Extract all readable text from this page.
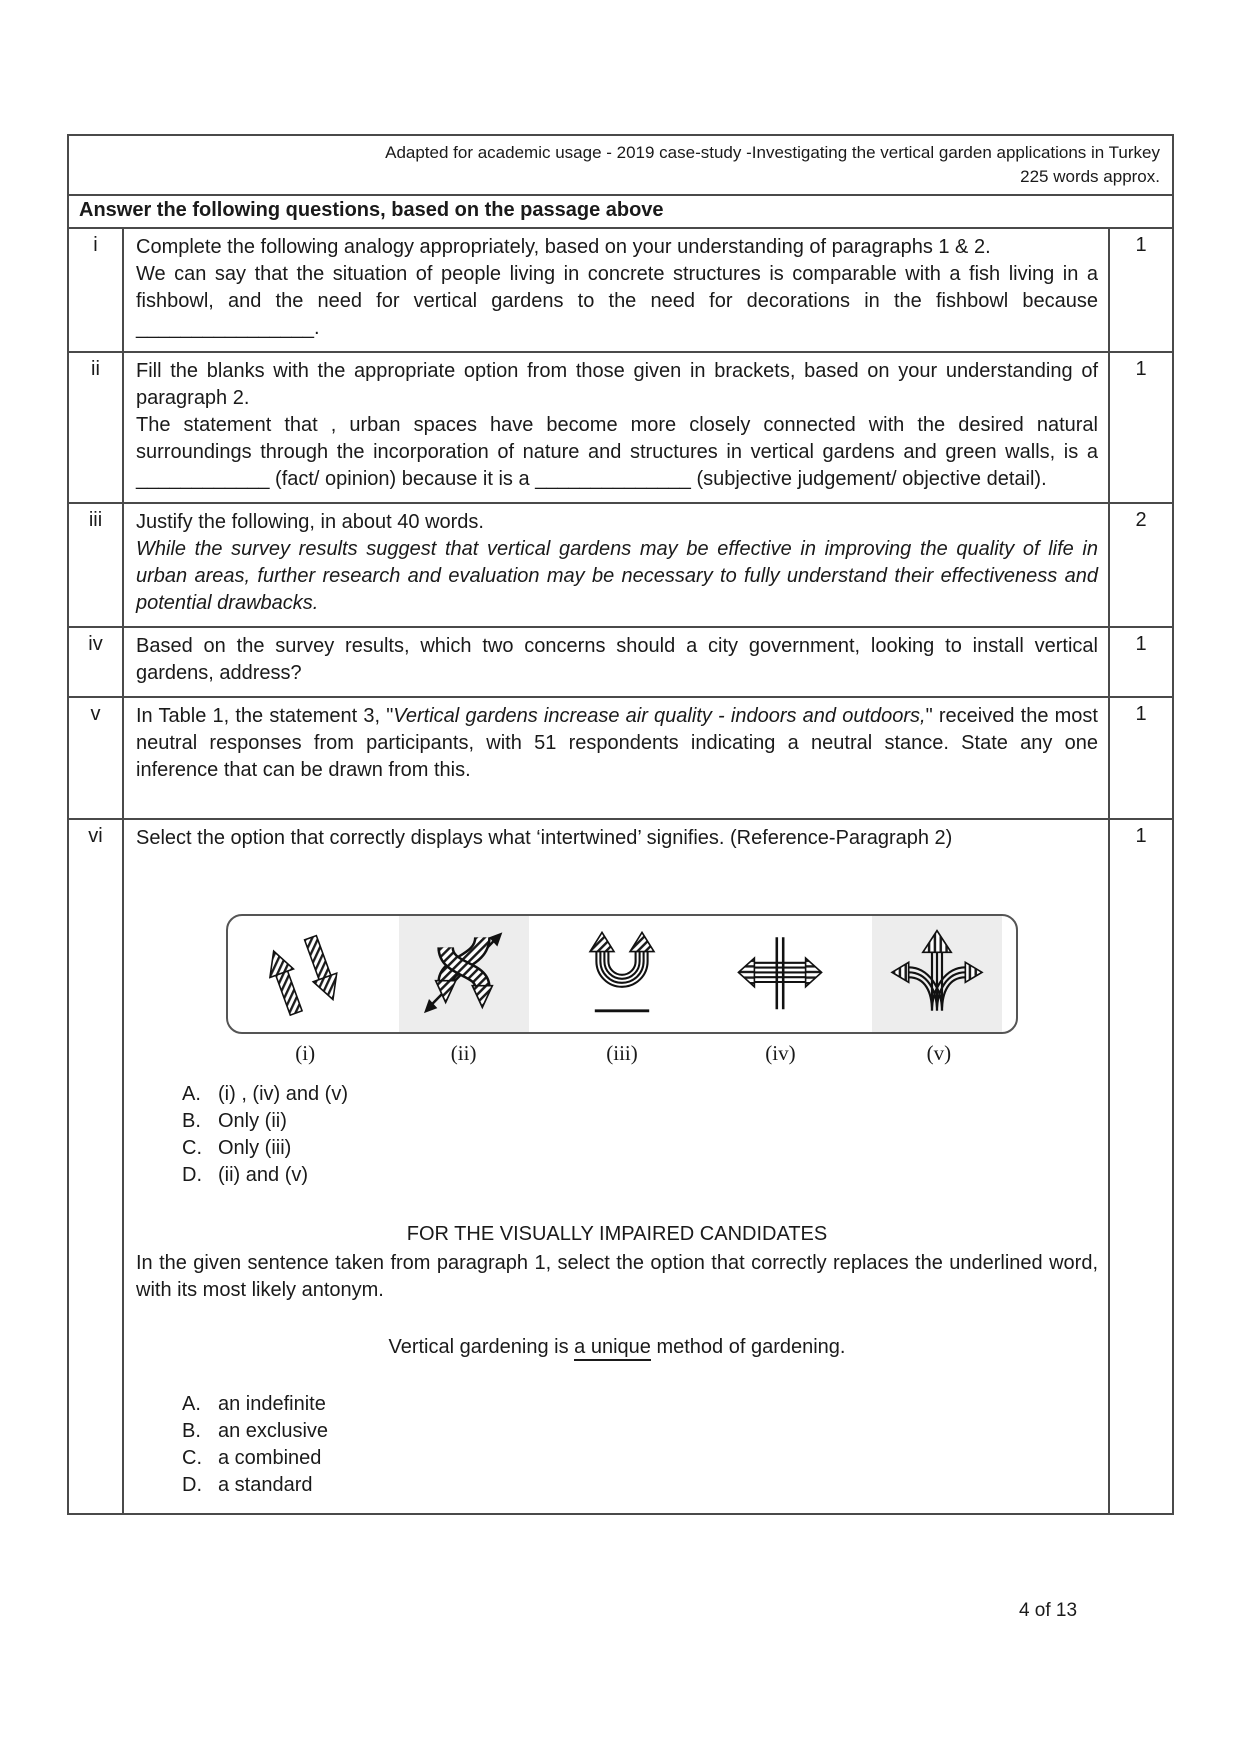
Adapted for academic usage - 2019 case-study -Investigating the vertical garden applications in Turkey
225 words approx.
Answer the following questions, based on the passage above
i	Complete the following analogy appropriately, based on your understanding of paragraphs 1 & 2.

We can say that the situation of people living in concrete structures is comparable with a fish living in a fishbowl, and the need for vertical gardens to the need for decorations in the fishbowl because ________________.

1
ii	Fill the blanks with the appropriate option from those given in brackets, based on your understanding of paragraph 2.

The statement that , urban spaces have become more closely connected with the desired natural surroundings through the incorporation of nature and structures in vertical gardens and green walls, is a ____________ (fact/ opinion) because it is a ______________ (subjective judgement/ objective detail).

1
iii	Justify the following, in about 40 words.

While the survey results suggest that vertical gardens may be effective in improving the quality of life in urban areas, further research and evaluation may be necessary to fully understand their effectiveness and potential drawbacks.

2
iv	Based on the survey results, which two concerns should a city government, looking to install vertical gardens, address?

1
v	In Table 1, the statement 3, "Vertical gardens increase air quality - indoors and outdoors," received the most neutral responses from participants, with 51 respondents indicating a neutral stance. State any one inference that can be drawn from this.

1
vi	Select the option that correctly displays what ‘intertwined’ signifies. (Reference-Paragraph 2)

(i)	(ii)	(iii)	(iv)	(v)
A. (i) , (iv) and (v)
B. Only (ii)
C. Only (iii)
D. (ii) and (v)

FOR THE VISUALLY IMPAIRED CANDIDATES

In the given sentence taken from paragraph 1, select the option that correctly replaces the underlined word, with its most likely antonym.

Vertical gardening is a unique method of gardening.

A. an indefinite
B. an exclusive
C. a combined
D. a standard
1
4 of 13
